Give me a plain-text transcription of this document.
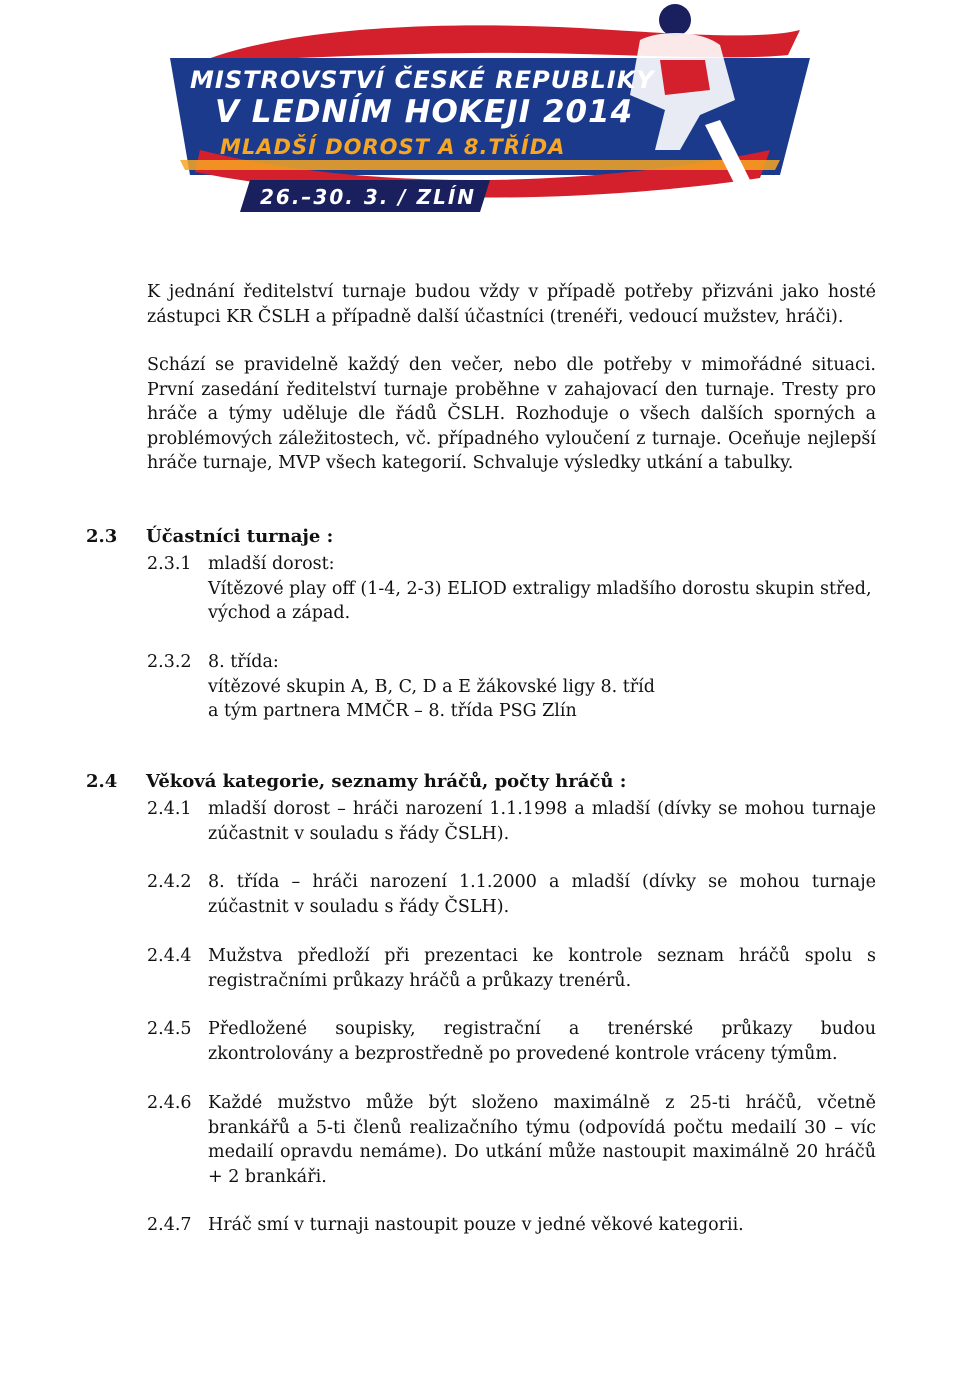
MISTROVSTVÍ ČESKÉ REPUBLIKY
V LEDNÍM HOKEJI 2014
MLADŠÍ DOROST A 8.TŘÍDA
26.–30. 3. / ZLÍN
K jednání ředitelství turnaje budou vždy v případě potřeby přizváni jako hosté
zástupci KR ČSLH a případně další účastníci (trenéři, vedoucí mužstev, hráči).
Schází se pravidelně každý den večer, nebo dle potřeby v mimořádné situaci.
První zasedání ředitelství turnaje proběhne v zahajovací den turnaje. Tresty pro
hráče a týmy uděluje dle řádů ČSLH. Rozhoduje o všech dalších sporných a
problémových záležitostech, vč. případného vyloučení z turnaje. Oceňuje nejlepší
hráče turnaje, MVP všech kategorií. Schvaluje výsledky utkání a tabulky.
2.3 Účastníci turnaje :
2.3.1 mladší dorost:
Vítězové play off (1-4, 2-3) ELIOD extraligy mladšího dorostu skupin střed,
východ a západ.
2.3.2 8. třída:
vítězové skupin A, B, C, D a E žákovské ligy 8. tříd
a tým partnera MMČR – 8. třída PSG Zlín
2.4 Věková kategorie, seznamy hráčů, počty hráčů :
2.4.1 mladší dorost – hráči narození 1.1.1998 a mladší (dívky se mohou turnaje
zúčastnit v souladu s řády ČSLH).
2.4.2 8. třída – hráči narození 1.1.2000 a mladší (dívky se mohou turnaje
zúčastnit v souladu s řády ČSLH).
2.4.4 Mužstva předloží při prezentaci ke kontrole seznam hráčů spolu s
registračními průkazy hráčů a průkazy trenérů.
2.4.5 Předložené soupisky, registrační a trenérské průkazy budou
zkontrolovány a bezprostředně po provedené kontrole vráceny týmům.
2.4.6 Každé mužstvo může být složeno maximálně z 25-ti hráčů, včetně
brankářů a 5-ti členů realizačního týmu (odpovídá počtu medailí 30 – víc
medailí opravdu nemáme). Do utkání může nastoupit maximálně 20 hráčů
+ 2 brankáři.
2.4.7 Hráč smí v turnaji nastoupit pouze v jedné věkové kategorii.
